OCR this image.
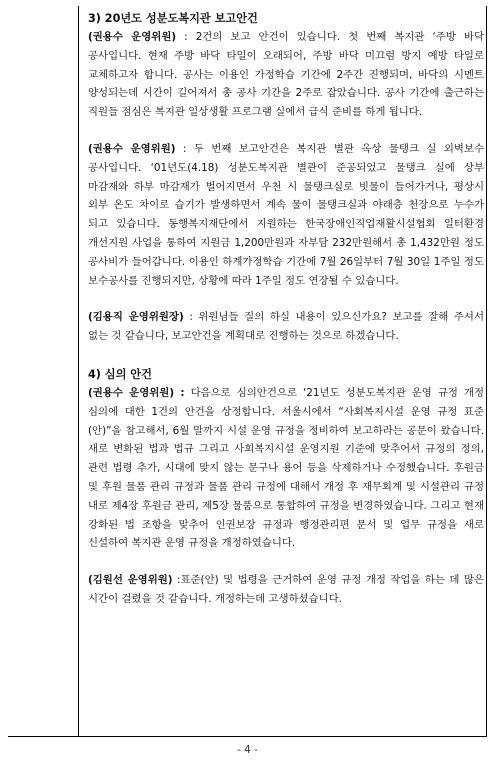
3) 20년도 성분도복지관 보고안건

(권용수 운영위원) : 2건의 보고 안건이 있습니다. 첫 번째 복지관 ‘주방 바닥 공사입니다. 현재 주방 바닥 타일이 오래되어, 주방 바닥 미끄럼 방지 예방 타일로 교체하고자 합니다. 공사는 이용인 가정학습 기간에 2주간 진행되며, 바닥의 시멘트 양성되는데 시간이 길어져서 총 공사 기간을 2주로 잡았습니다. 공사 기간에 출근하는 직원들 점심은 복지관 일상생활 프로그램 실에서 급식 준비를 하게 됩니다.

(권용수 운영위원) : 두 번째 보고안건은 복지관 별관 옥상 물탱크 실 외벽보수 공사입니다. ‘01년도(4.18) 성분도복지관 별관이 준공되었고 물탱크 실에 상부 마감재와 하부 마감재가 벌어지면서 우천 시 물탱크실로 빗물이 들어가거나, 평상시 외부 온도 차이로 습기가 발생하면서 계속 물이 물탱크실과 야래층 천장으로 누수가 되고 있습니다. 동행복지재단에서 지원하는 한국장애인직업재활시설협회 일터환경 개선지원 사업을 통하여 지원금 1,200만원과 자부담 232만원해서 총 1,432만원 정도 공사비가 들어갑니다. 이용인 하계가정학습 기간에 7월 26일부터 7월 30일 1주일 정도 보수공사를 진행되지만, 상황에 따라 1주일 정도 연장될 수 있습니다.

(김용직 운영위원장) : 위원님들 질의 하실 내용이 있으신가요? 보고를 잘해 주셔서 없는 것 같습니다, 보고안건을 계획대로 진행하는 것으로 하겠습니다.

4) 심의 안건

(권용수 운영위원) : 다음으로 심의안건으로 ‘21년도 성분도복지관 운영 규정 개정 심의에 대한 1건의 안건을 상정합니다. 서울시에서 “사회복지시설 운영 규정 표준(안)”을 참고해서, 6월 말까지 시설 운영 규정을 정비하여 보고하라는 공문이 왔습니다. 새로 변화된 법과 법규 그리고 사회복지시설 운영지원 기준에 맞추어서 규정의 정의, 관련 법령 추가, 시대에 맞지 않는 문구나 용어 등을 삭제하거나 수정했습니다. 후원금 및 후원 물품 관리 규정과 물품 관리 규정에 대해서 개정 후 재무회계 및 시설관리 규정 내로 제4장 후원금 관리, 제5장 물품으로 통합하여 규정을 변경하였습니다. 그리고 현재 강화된 법 조항을 맞추어 인권보장 규정과 행정관리편 문서 및 업무 규정을 새로 신설하여 복지관 운영 규정을 개정하였습니다.

(김원선 운영위원) :표준(안) 및 법령을 근거하여 운영 규정 개정 작업을 하는 데 많은 시간이 걸렸을 것 같습니다. 개정하는데 고생하셨습니다.

- 4 -
